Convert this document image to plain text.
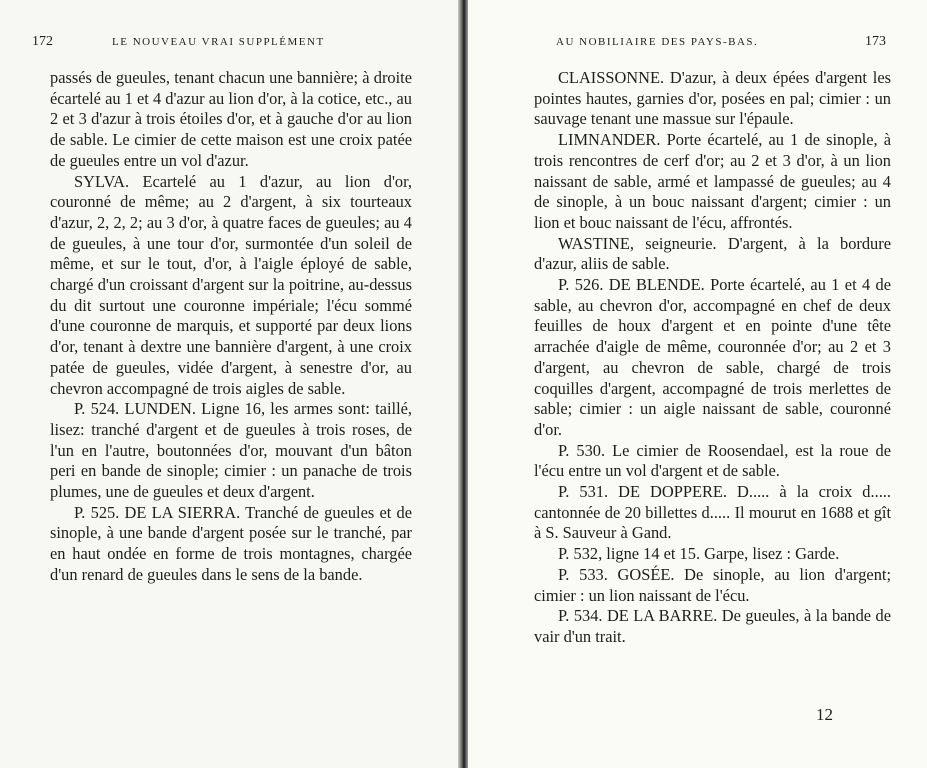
172	LE NOUVEAU VRAI SUPPLÉMENT

passés de gueules, tenant chacun une bannière; à droite écartelé au 1 et 4 d'azur au lion d'or, à la cotice, etc., au 2 et 3 d'azur à trois étoiles d'or, et à gauche d'or au lion de sable. Le cimier de cette maison est une croix patée de gueules entre un vol d'azur.

SYLVA. Ecartelé au 1 d'azur, au lion d'or, couronné de même; au 2 d'argent, à six tourteaux d'azur, 2, 2, 2; au 3 d'or, à quatre faces de gueules; au 4 de gueules, à une tour d'or, surmontée d'un soleil de même, et sur le tout, d'or, à l'aigle éployé de sable, chargé d'un croissant d'argent sur la poitrine, au-dessus du dit surtout une couronne impériale; l'écu sommé d'une couronne de marquis, et supporté par deux lions d'or, tenant à dextre une bannière d'argent, à une croix patée de gueules, vidée d'argent, à senestre d'or, au chevron accompagné de trois aigles de sable.

P. 524. LUNDEN. Ligne 16, les armes sont: taillé, lisez: tranché d'argent et de gueules à trois roses, de l'un en l'autre, boutonnées d'or, mouvant d'un bâton peri en bande de sinople; cimier : un panache de trois plumes, une de gueules et deux d'argent.

P. 525. DE LA SIERRA. Tranché de gueules et de sinople, à une bande d'argent posée sur le tranché, par en haut ondée en forme de trois montagnes, chargée d'un renard de gueules dans le sens de la bande.

AU NOBILIAIRE DES PAYS-BAS.	173

CLAISSONNE. D'azur, à deux épées d'argent les pointes hautes, garnies d'or, posées en pal; cimier : un sauvage tenant une massue sur l'épaule.

LIMNANDER. Porte écartelé, au 1 de sinople, à trois rencontres de cerf d'or; au 2 et 3 d'or, à un lion naissant de sable, armé et lampassé de gueules; au 4 de sinople, à un bouc naissant d'argent; cimier : un lion et bouc naissant de l'écu, affrontés.

WASTINE, seigneurie. D'argent, à la bordure d'azur, aliis de sable.

P. 526. DE BLENDE. Porte écartelé, au 1 et 4 de sable, au chevron d'or, accompagné en chef de deux feuilles de houx d'argent et en pointe d'une tête arrachée d'aigle de même, couronnée d'or; au 2 et 3 d'argent, au chevron de sable, chargé de trois coquilles d'argent, accompagné de trois merlettes de sable; cimier : un aigle naissant de sable, couronné d'or.

P. 530. Le cimier de Roosendael, est la roue de l'écu entre un vol d'argent et de sable.

P. 531. DE DOPPERE. D..... à la croix d..... cantonnée de 20 billettes d..... Il mourut en 1688 et gît à S. Sauveur à Gand.

P. 532, ligne 14 et 15. Garpe, lisez : Garde.

P. 533. GOSÉE. De sinople, au lion d'argent; cimier : un lion naissant de l'écu.

P. 534. DE LA BARRE. De gueules, à la bande de vair d'un trait.

12
